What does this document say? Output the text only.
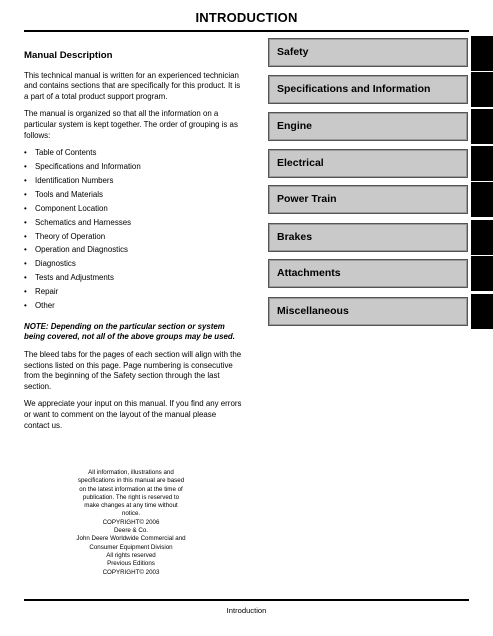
INTRODUCTION
Manual Description

This technical manual is written for an experienced technician and contains sections that are specifically for this product. It is a part of a total product support program.

The manual is organized so that all the information on a particular system is kept together. The order of grouping is as follows:

• Table of Contents
• Specifications and Information
• Identification Numbers
• Tools and Materials
• Component Location
• Schematics and Harnesses
• Theory of Operation
• Operation and Diagnostics
• Diagnostics
• Tests and Adjustments
• Repair
• Other

NOTE: Depending on the particular section or system being covered, not all of the above groups may be used.

The bleed tabs for the pages of each section will align with the sections listed on this page. Page numbering is consecutive from the beginning of the Safety section through the last section.

We appreciate your input on this manual. If you find any errors or want to comment on the layout of the manual please contact us.

All information, illustrations and
specifications in this manual are based
on the latest information at the time of
publication. The right is reserved to
make changes at any time without
notice.
COPYRIGHT© 2006
Deere & Co.
John Deere Worldwide Commercial and
Consumer Equipment Division
All rights reserved
Previous Editions
COPYRIGHT© 2003
Safety
Specifications and Information
Engine
Electrical
Power Train
Brakes
Attachments
Miscellaneous
Introduction
